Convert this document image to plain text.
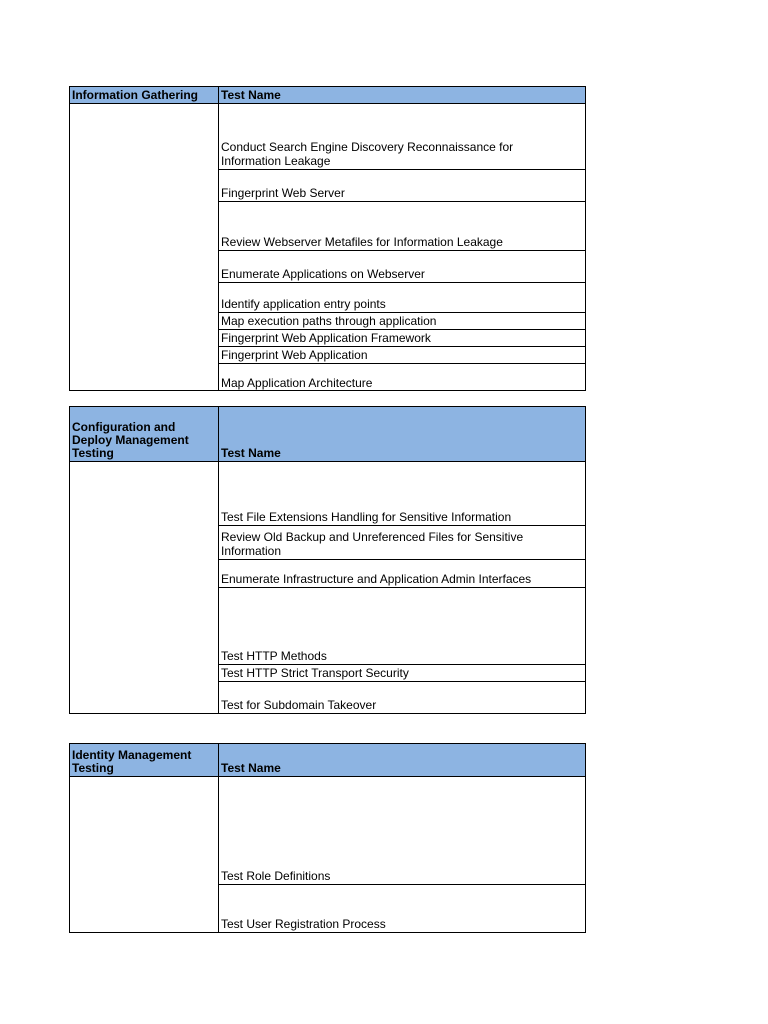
Information Gathering	Test Name
Conduct Search Engine Discovery Reconnaissance for
Information Leakage
Fingerprint Web Server
Review Webserver Metafiles for Information Leakage
Enumerate Applications on Webserver
Identify application entry points
Map execution paths through application
Fingerprint Web Application Framework
Fingerprint Web Application
Map Application Architecture
Configuration and
Deploy Management
Testing	Test Name
Test File Extensions Handling for Sensitive Information
Review Old Backup and Unreferenced Files for Sensitive
Information
Enumerate Infrastructure and Application Admin Interfaces
Test HTTP Methods
Test HTTP Strict Transport Security
Test for Subdomain Takeover
Identity Management
Testing	Test Name
Test Role Definitions
Test User Registration Process
